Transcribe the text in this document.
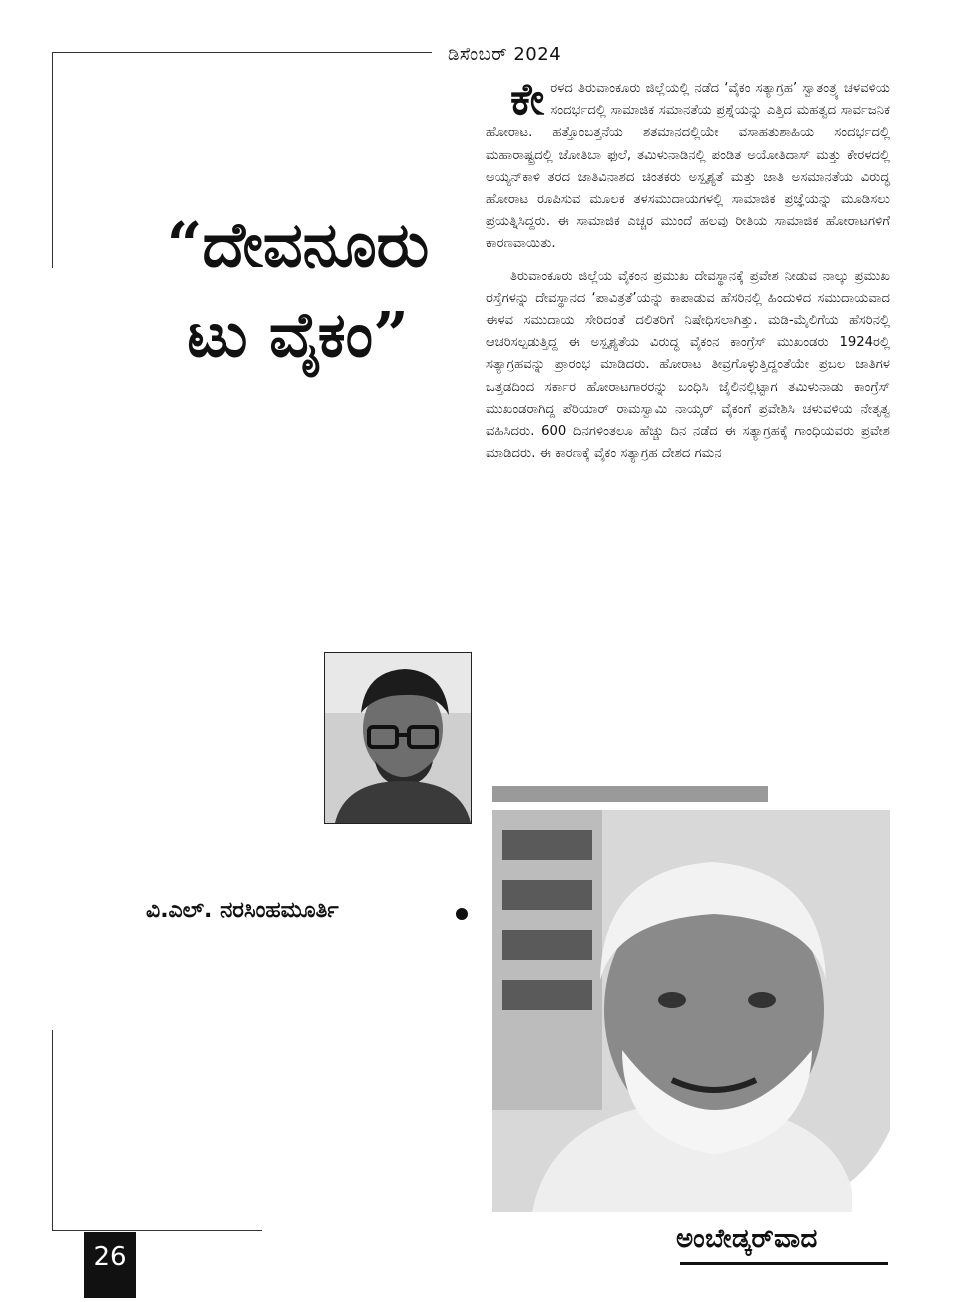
ಡಿಸೆಂಬರ್ 2024
“ದೇವನೂರು
ಟು ವೈಕಂ”

ಕೇರಳದ ತಿರುವಾಂಕೂರು ಜಿಲ್ಲೆಯಲ್ಲಿ ನಡೆದ ‘ವೈಕಂ ಸತ್ಯಾಗ್ರಹ’ ಸ್ವಾತಂತ್ರ್ಯ ಚಳವಳಿಯ ಸಂದರ್ಭದಲ್ಲಿ ಸಾಮಾಜಿಕ ಸಮಾನತೆಯ ಪ್ರಶ್ನೆಯನ್ನು ಎತ್ತಿದ ಮಹತ್ವದ ಸಾರ್ವಜನಿಕ ಹೋರಾಟ. ಹತ್ತೊಂಬತ್ತನೆಯ ಶತಮಾನದಲ್ಲಿಯೇ ವಸಾಹತುಶಾಹಿಯ ಸಂದರ್ಭದಲ್ಲಿ ಮಹಾರಾಷ್ಟ್ರದಲ್ಲಿ ಜೋತಿಬಾ ಫುಲೆ, ತಮಿಳುನಾಡಿನಲ್ಲಿ ಪಂಡಿತ ಅಯೋತಿದಾಸ್ ಮತ್ತು ಕೇರಳದಲ್ಲಿ ಅಯ್ಯನ್‌ಕಾಳಿ ತರದ ಜಾತಿವಿನಾಶದ ಚಿಂತಕರು ಅಸ್ಪೃಶ್ಯತೆ ಮತ್ತು ಜಾತಿ ಅಸಮಾನತೆಯ ವಿರುದ್ಧ ಹೋರಾಟ ರೂಪಿಸುವ ಮೂಲಕ ತಳಸಮುದಾಯಗಳಲ್ಲಿ ಸಾಮಾಜಿಕ ಪ್ರಜ್ಞೆಯನ್ನು ಮೂಡಿಸಲು ಪ್ರಯತ್ನಿಸಿದ್ದರು. ಈ ಸಾಮಾಜಿಕ ಎಚ್ಚರ ಮುಂದೆ ಹಲವು ರೀತಿಯ ಸಾಮಾಜಿಕ ಹೋರಾಟಗಳಿಗೆ ಕಾರಣವಾಯಿತು.

ತಿರುವಾಂಕೂರು ಜಿಲ್ಲೆಯ ವೈಕಂನ ಪ್ರಮುಖ ದೇವಸ್ಥಾನಕ್ಕೆ ಪ್ರವೇಶ ನೀಡುವ ನಾಲ್ಕು ಪ್ರಮುಖ ರಸ್ತೆಗಳನ್ನು ದೇವಸ್ಥಾನದ ‘ಪಾವಿತ್ರತೆ’ಯನ್ನು ಕಾಪಾಡುವ ಹೆಸರಿನಲ್ಲಿ ಹಿಂದುಳಿದ ಸಮುದಾಯವಾದ ಈಳವ ಸಮುದಾಯ ಸೇರಿದಂತೆ ದಲಿತರಿಗೆ ನಿಷೇಧಿಸಲಾಗಿತ್ತು. ಮಡಿ-ಮೈಲಿಗೆಯ ಹೆಸರಿನಲ್ಲಿ ಆಚರಿಸಲ್ಪಡುತ್ತಿದ್ದ ಈ ಅಸ್ಪೃಶ್ಯತೆಯ ವಿರುದ್ಧ ವೈಕಂನ ಕಾಂಗ್ರೆಸ್ ಮುಖಂಡರು 1924ರಲ್ಲಿ ಸತ್ಯಾಗ್ರಹವನ್ನು ಪ್ರಾರಂಭ ಮಾಡಿದರು. ಹೋರಾಟ ತೀವ್ರಗೊಳ್ಳುತ್ತಿದ್ದಂತೆಯೇ ಪ್ರಬಲ ಜಾತಿಗಳ ಒತ್ತಡದಿಂದ ಸರ್ಕಾರ ಹೋರಾಟಗಾರರನ್ನು ಬಂಧಿಸಿ ಜೈಲಿನಲ್ಲಿಟ್ಟಾಗ ತಮಿಳುನಾಡು ಕಾಂಗ್ರೆಸ್ ಮುಖಂಡರಾಗಿದ್ದ ಪೆರಿಯಾರ್ ರಾಮಸ್ವಾಮಿ ನಾಯ್ಕರ್ ವೈಕಂಗೆ ಪ್ರವೇಶಿಸಿ ಚಳುವಳಿಯ ನೇತೃತ್ವ ವಹಿಸಿದರು. 600 ದಿನಗಳಿಂತಲೂ ಹೆಚ್ಚು ದಿನ ನಡೆದ ಈ ಸತ್ಯಾಗ್ರಹಕ್ಕೆ ಗಾಂಧಿಯವರು ಪ್ರವೇಶ ಮಾಡಿದರು. ಈ ಕಾರಣಕ್ಕೆ ವೈಕಂ ಸತ್ಯಾಗ್ರಹ ದೇಶದ ಗಮನ

ವಿ.ಎಲ್. ನರಸಿಂಹಮೂರ್ತಿ
26
ಅಂಬೇಡ್ಕರ್‌ವಾದ
